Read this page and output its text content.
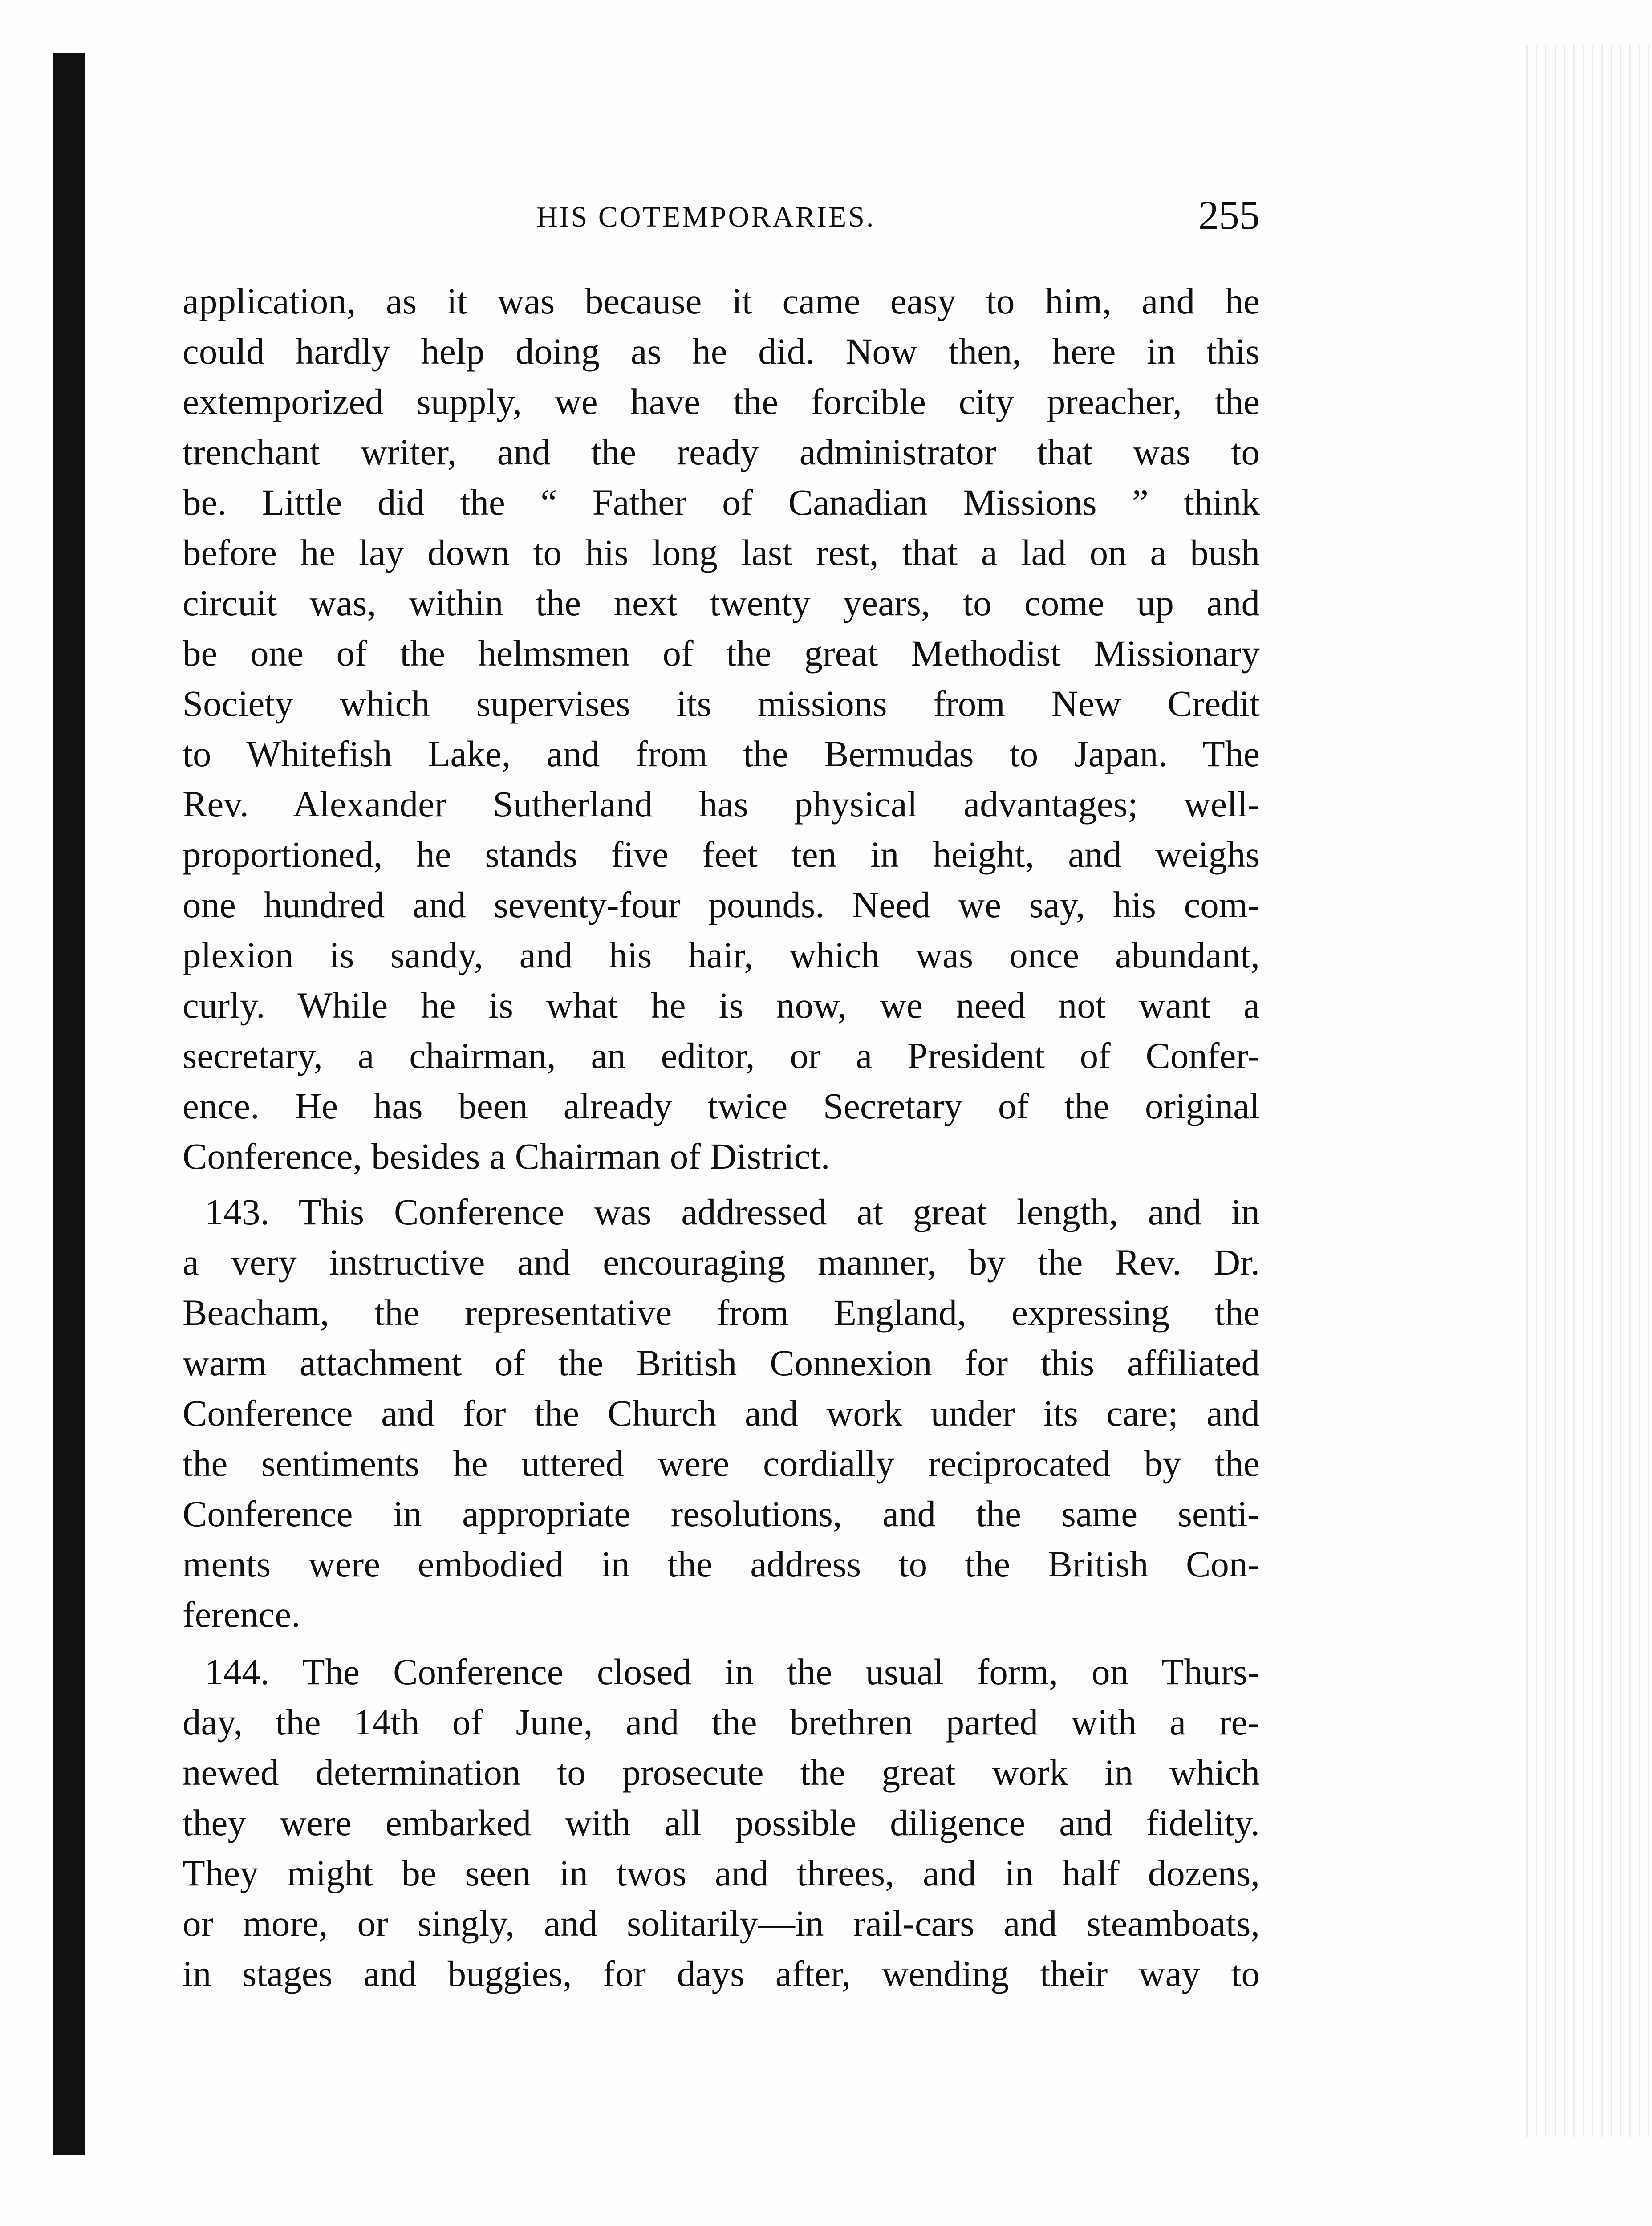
HIS COTEMPORARIES.	255
application, as it was because it came easy to him, and he
could hardly help doing as he did. Now then, here in this
extemporized supply, we have the forcible city preacher, the
trenchant writer, and the ready administrator that was to
be. Little did the “ Father of Canadian Missions ” think
before he lay down to his long last rest, that a lad on a bush
circuit was, within the next twenty years, to come up and
be one of the helmsmen of the great Methodist Missionary
Society which supervises its missions from New Credit
to Whitefish Lake, and from the Bermudas to Japan. The
Rev. Alexander Sutherland has physical advantages; well-
proportioned, he stands five feet ten in height, and weighs
one hundred and seventy-four pounds. Need we say, his com-
plexion is sandy, and his hair, which was once abundant,
curly. While he is what he is now, we need not want a
secretary, a chairman, an editor, or a President of Confer-
ence. He has been already twice Secretary of the original
Conference, besides a Chairman of District.
143. This Conference was addressed at great length, and in
a very instructive and encouraging manner, by the Rev. Dr.
Beacham, the representative from England, expressing the
warm attachment of the British Connexion for this affiliated
Conference and for the Church and work under its care; and
the sentiments he uttered were cordially reciprocated by the
Conference in appropriate resolutions, and the same senti-
ments were embodied in the address to the British Con-
ference.
144. The Conference closed in the usual form, on Thurs-
day, the 14th of June, and the brethren parted with a re-
newed determination to prosecute the great work in which
they were embarked with all possible diligence and fidelity.
They might be seen in twos and threes, and in half dozens,
or more, or singly, and solitarily—in rail-cars and steamboats,
in stages and buggies, for days after, wending their way to
